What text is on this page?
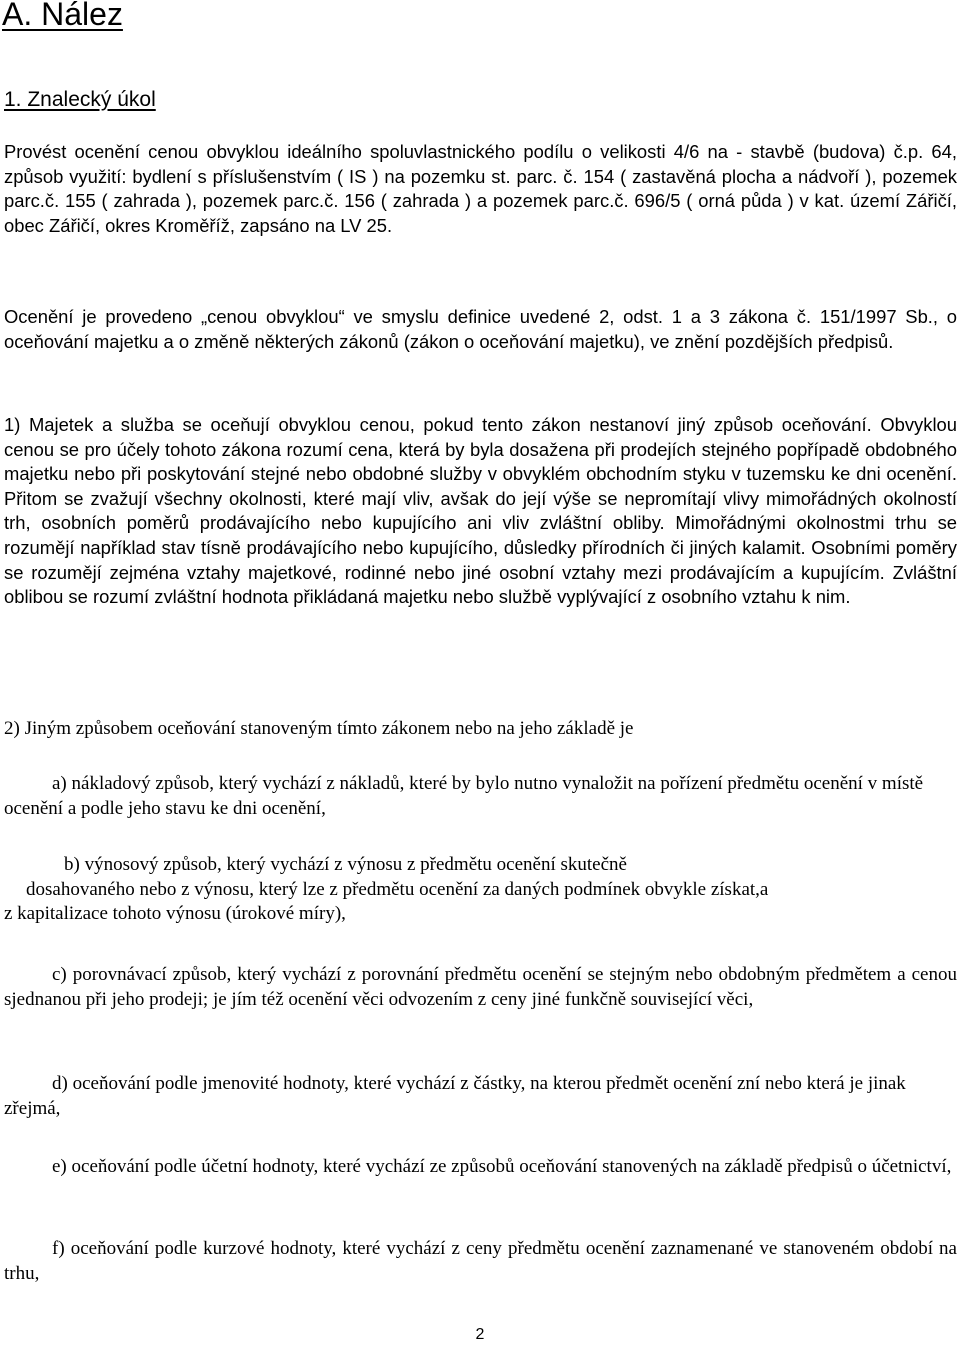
A. Nález
1. Znalecký úkol

Provést ocenění cenou obvyklou ideálního spoluvlastnického podílu o velikosti 4/6 na - stavbě (budova) č.p. 64, způsob využití: bydlení s příslušenstvím ( IS ) na pozemku st. parc. č. 154 ( zastavěná plocha a nádvoří ), pozemek parc.č. 155 ( zahrada ), pozemek parc.č. 156 ( zahrada ) a pozemek parc.č. 696/5 ( orná půda ) v kat. území Zářičí, obec Zářičí, okres Kroměříž, zapsáno na LV 25.

Ocenění je provedeno „cenou obvyklou“ ve smyslu definice uvedené 2, odst. 1 a 3 zákona č. 151/1997 Sb., o oceňování majetku a o změně některých zákonů (zákon o oceňování majetku), ve znění pozdějších předpisů.

1) Majetek a služba se oceňují obvyklou cenou, pokud tento zákon nestanoví jiný způsob oceňování. Obvyklou cenou se pro účely tohoto zákona rozumí cena, která by byla dosažena při prodejích stejného popřípadě obdobného majetku nebo při poskytování stejné nebo obdobné služby v obvyklém obchodním styku v tuzemsku ke dni ocenění. Přitom se zvažují všechny okolnosti, které mají vliv, avšak do její výše se nepromítají vlivy mimořádných okolností trh, osobních poměrů prodávajícího nebo kupujícího ani vliv zvláštní obliby. Mimořádnými okolnostmi trhu se rozumějí například stav tísně prodávajícího nebo kupujícího, důsledky přírodních či jiných kalamit. Osobními poměry se rozumějí zejména vztahy majetkové, rodinné nebo jiné osobní vztahy mezi prodávajícím a kupujícím. Zvláštní oblibou se rozumí zvláštní hodnota přikládaná majetku nebo službě vyplývající z osobního vztahu k nim.

2) Jiným způsobem oceňování stanoveným tímto zákonem nebo na jeho základě je

a) nákladový způsob, který vychází z nákladů, které by bylo nutno vynaložit na pořízení předmětu ocenění v místě ocenění a podle jeho stavu ke dni ocenění,

b) výnosový způsob, který vychází z výnosu z předmětu ocenění skutečně
dosahovaného nebo z výnosu, který lze z předmětu ocenění za daných podmínek obvykle získat,a
z kapitalizace tohoto výnosu (úrokové míry),

c) porovnávací způsob, který vychází z porovnání předmětu ocenění se stejným nebo obdobným předmětem a cenou sjednanou při jeho prodeji; je jím též ocenění věci odvozením z ceny jiné funkčně související věci,

d) oceňování podle jmenovité hodnoty, které vychází z částky, na kterou předmět ocenění zní nebo která je jinak zřejmá,

e) oceňování podle účetní hodnoty, které vychází ze způsobů oceňování stanovených na základě předpisů o účetnictví,

f) oceňování podle kurzové hodnoty, které vychází z ceny předmětu ocenění zaznamenané ve stanoveném období na trhu,

2
